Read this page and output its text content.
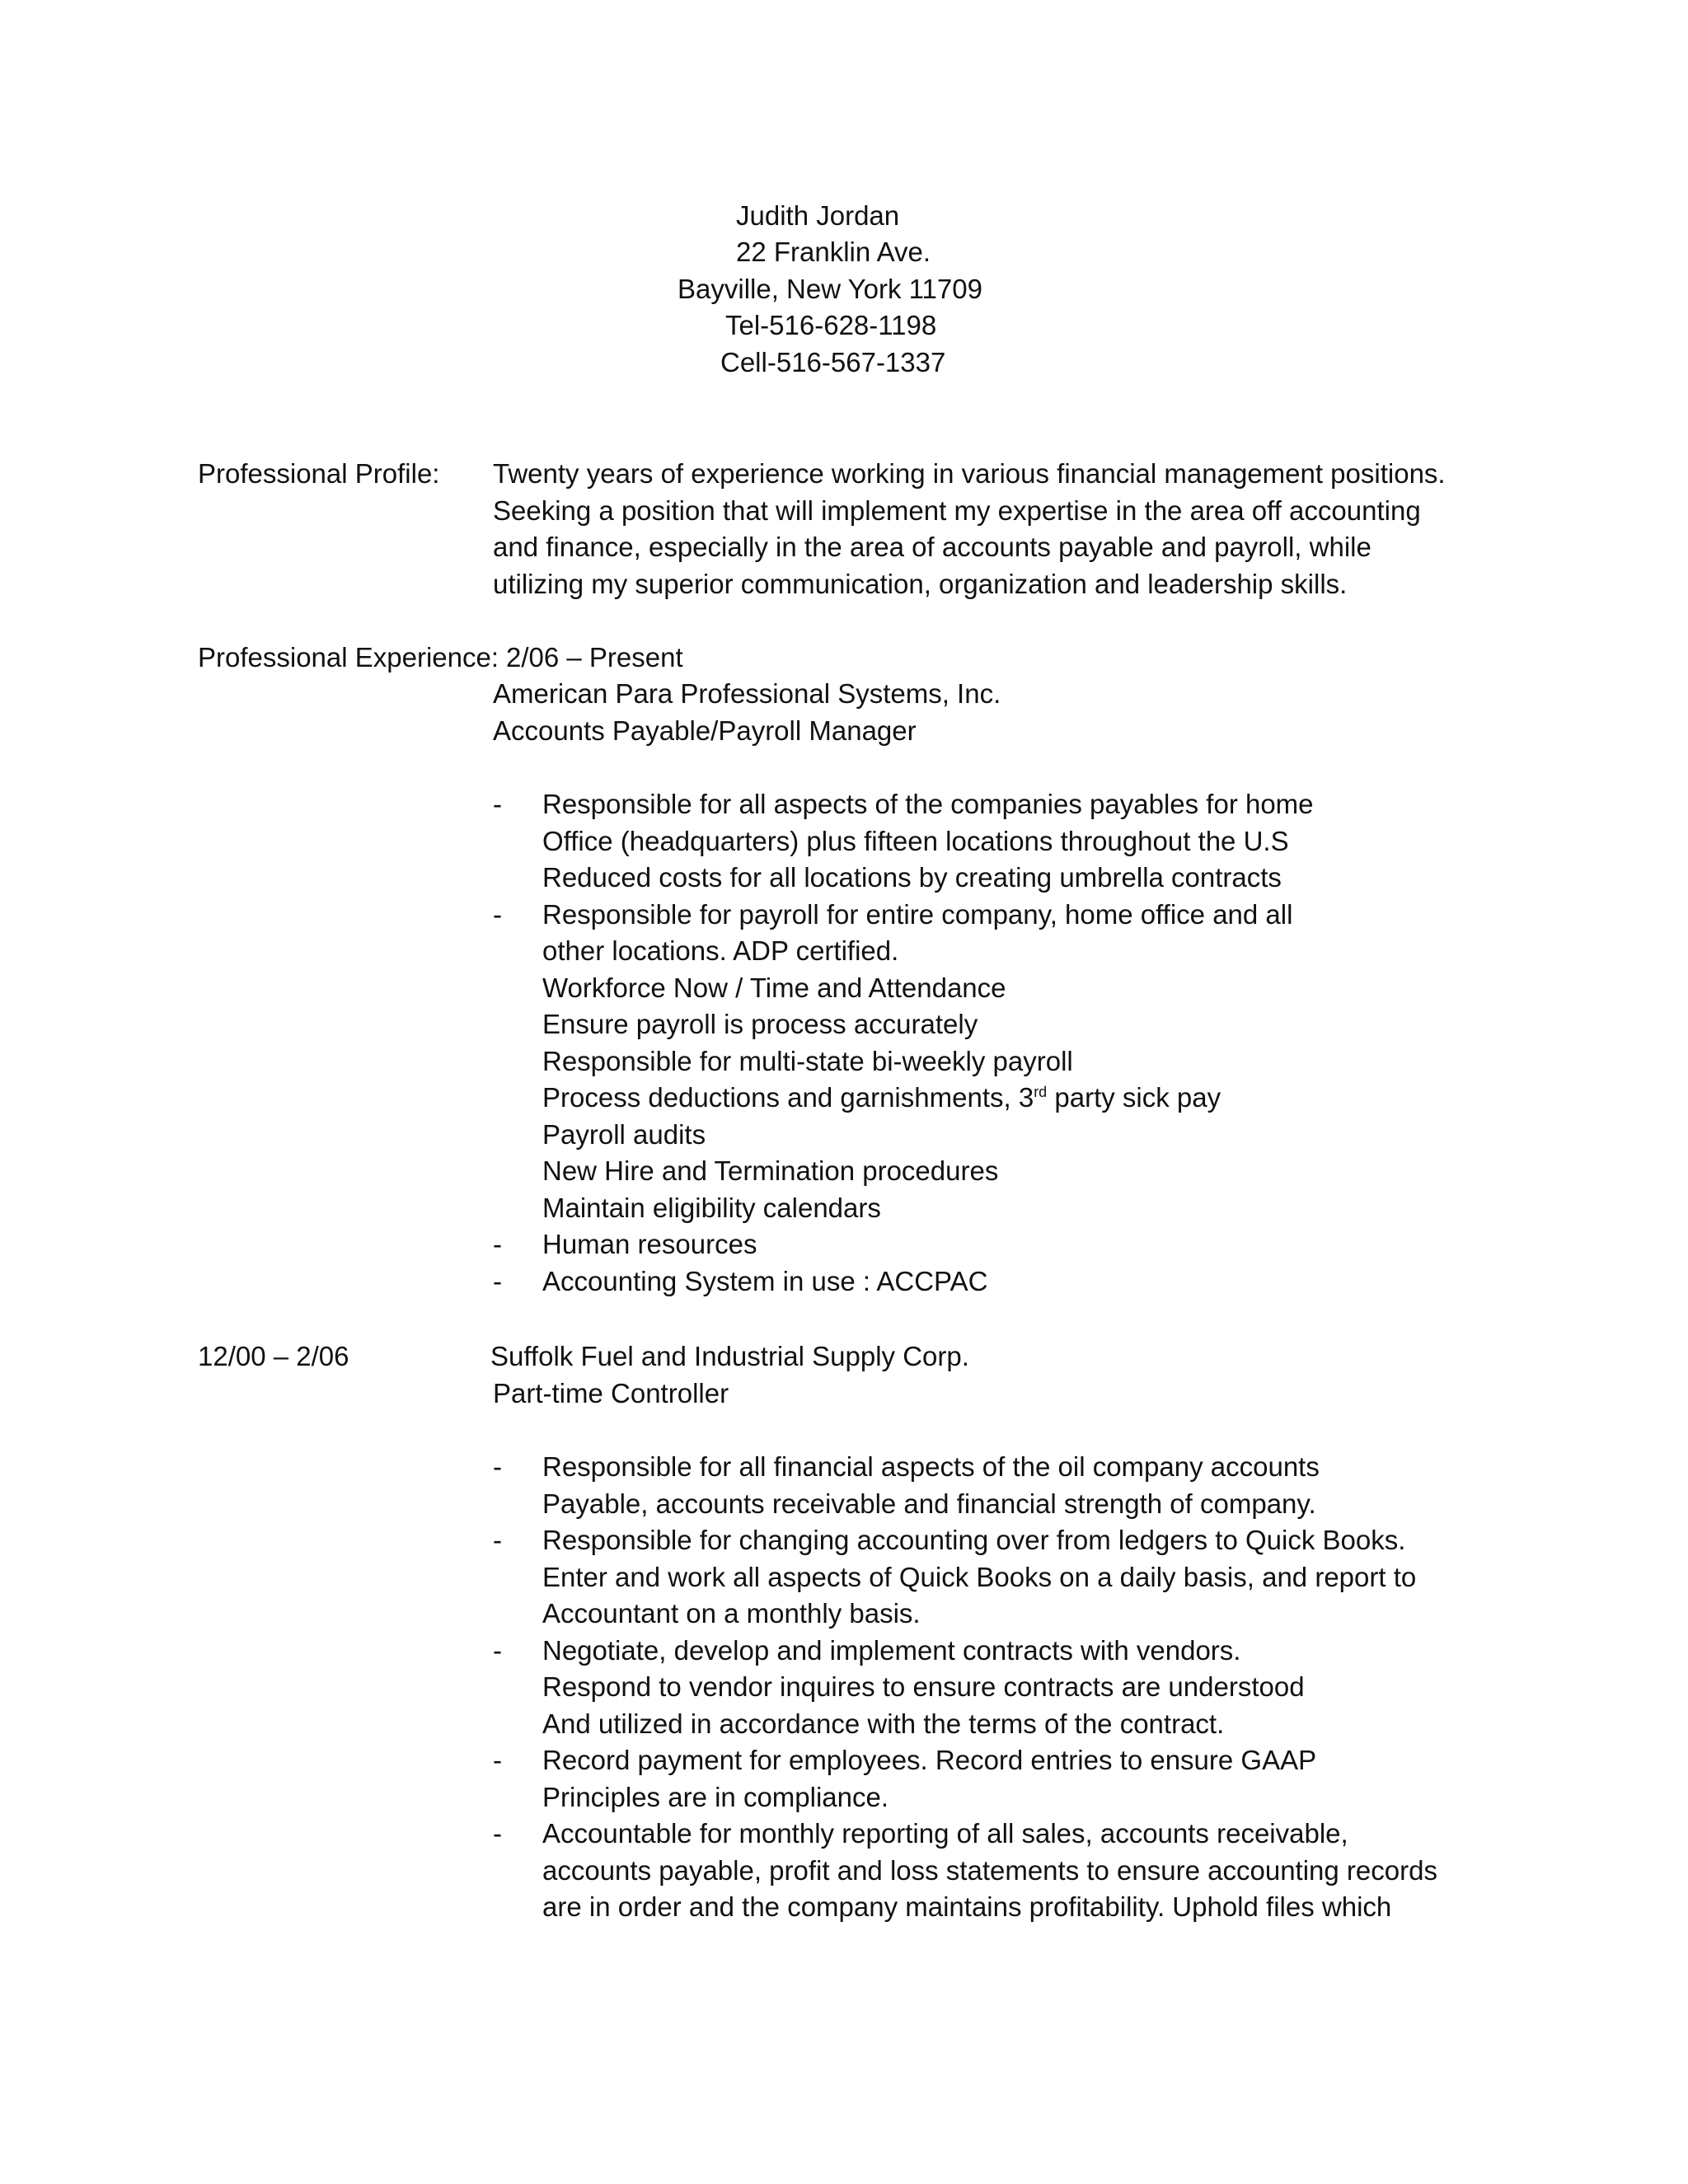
Judith Jordan
22 Franklin Ave.
Bayville, New York 11709
Tel-516-628-1198
Cell-516-567-1337
Professional Profile: Twenty years of experience working in various financial management positions.
Seeking a position that will implement my expertise in the area off accounting
and finance, especially in the area of accounts payable and payroll, while
utilizing my superior communication, organization and leadership skills.
Professional Experience: 2/06 – Present
American Para Professional Systems, Inc.
Accounts Payable/Payroll Manager
- Responsible for all aspects of the companies payables for home
Office (headquarters) plus fifteen locations throughout the U.S
Reduced costs for all locations by creating umbrella contracts
- Responsible for payroll for entire company, home office and all
other locations. ADP certified.
Workforce Now / Time and Attendance
Ensure payroll is process accurately
Responsible for multi-state bi-weekly payroll
Process deductions and garnishments, 3rd party sick pay
Payroll audits
New Hire and Termination procedures
Maintain eligibility calendars
- Human resources
- Accounting System in use : ACCPAC
12/00 – 2/06	Suffolk Fuel and Industrial Supply Corp.
Part-time Controller
- Responsible for all financial aspects of the oil company accounts
Payable, accounts receivable and financial strength of company.
- Responsible for changing accounting over from ledgers to Quick Books.
Enter and work all aspects of Quick Books on a daily basis, and report to
Accountant on a monthly basis.
- Negotiate, develop and implement contracts with vendors.
Respond to vendor inquires to ensure contracts are understood
And utilized in accordance with the terms of the contract.
- Record payment for employees. Record entries to ensure GAAP
Principles are in compliance.
- Accountable for monthly reporting of all sales, accounts receivable,
accounts payable, profit and loss statements to ensure accounting records
are in order and the company maintains profitability. Uphold files which
